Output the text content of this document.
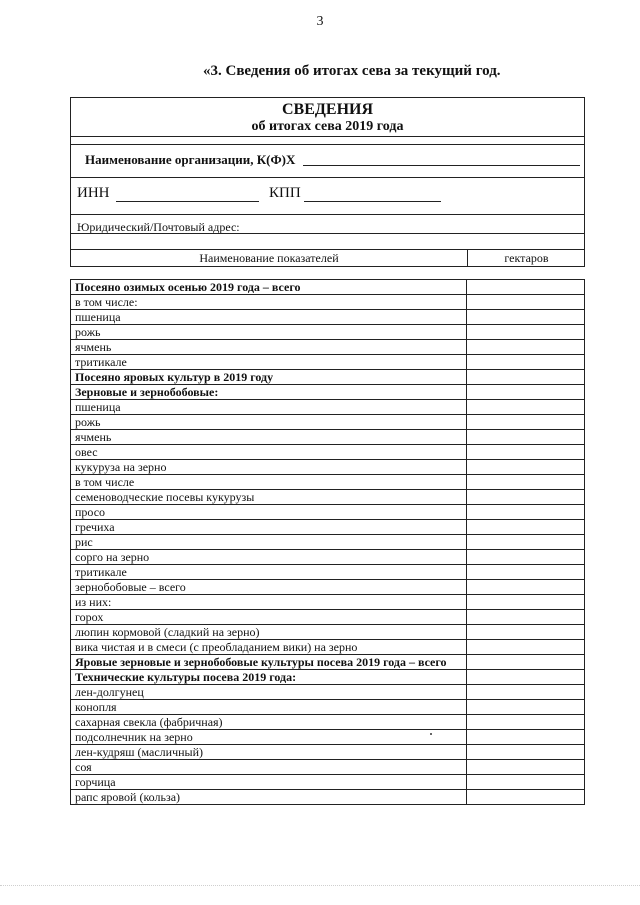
3
«3. Сведения об итогах сева за текущий год.
СВЕДЕНИЯ
об итогах сева 2019 года
Наименование организации, К(Ф)Х
ИНН	КПП
Юридический/Почтовый адрес:
Наименование показателей	гектаров
Посеяно озимых осенью 2019 года – всего	
в том числе:	
пшеница	
рожь	
ячмень	
тритикале	
Посеяно яровых культур в 2019 году	
Зерновые и зернобобовые:	
пшеница	
рожь	
ячмень	
овес	
кукуруза на зерно	
в том числе	
семеноводческие посевы кукурузы	
просо	
гречиха	
рис	
сорго на зерно	
тритикале	
зернобобовые – всего	
из них:	
горох	
люпин кормовой (сладкий на зерно)	
вика чистая и в смеси (с преобладанием вики) на зерно	
Яровые зерновые и зернобобовые культуры посева 2019 года – всего	
Технические культуры посева 2019 года:	
лен-долгунец	
конопля	
сахарная свекла (фабричная)	
подсолнечник на зерно	
лен-кудряш (масличный)	
соя	
горчица	
рапс яровой (кольза)	
